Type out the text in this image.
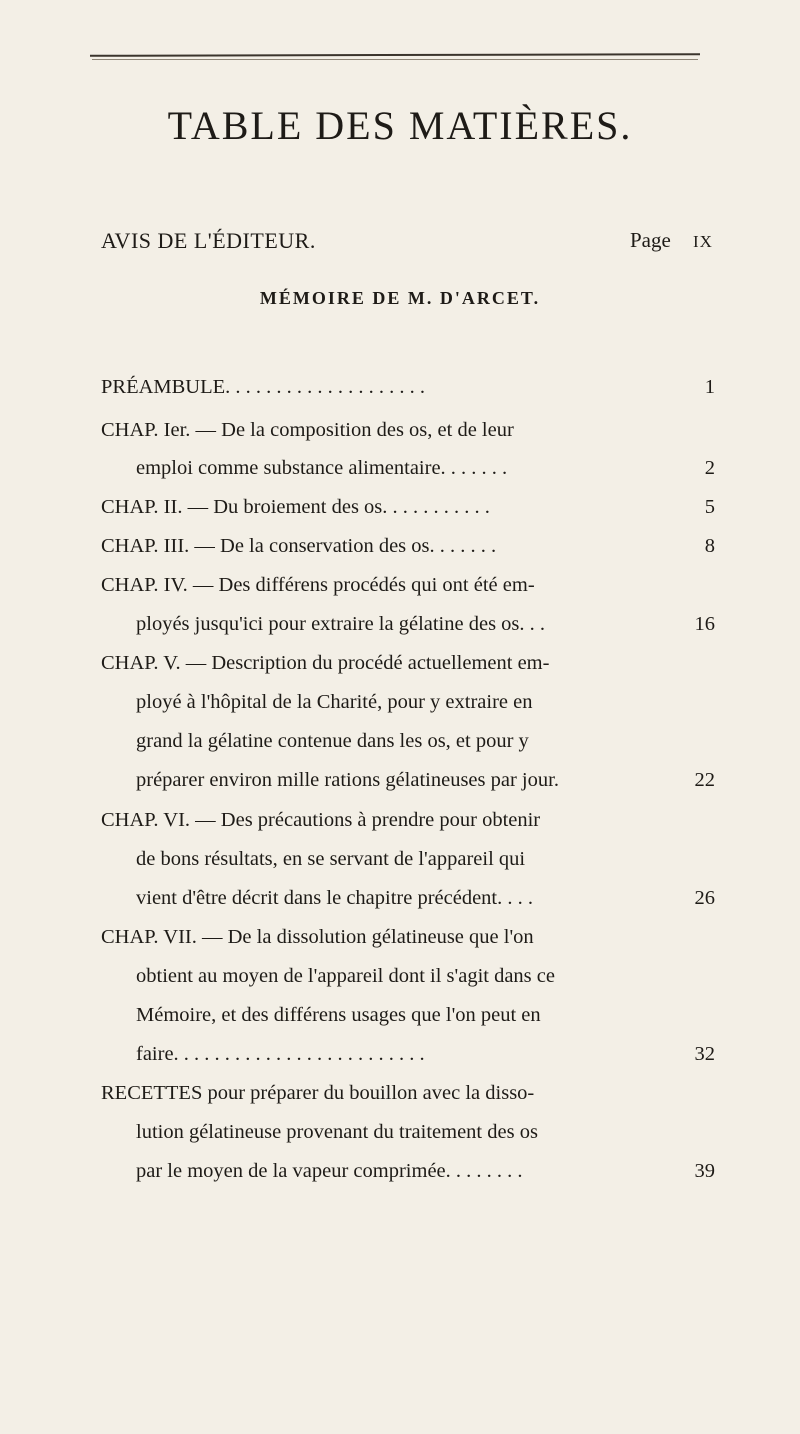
TABLE DES MATIÈRES.
AVIS DE L'ÉDITEUR.	Page IX
MÉMOIRE DE M. D'ARCET.
PRÉAMBULE. . . . . . . . . . . . . . . . . . . .	1
CHAP. Ier. — De la composition des os, et de leur
emploi comme substance alimentaire. . . . . . .	2
CHAP. II. — Du broiement des os. . . . . . . . . . .	5
CHAP. III. — De la conservation des os. . . . . . .	8
CHAP. IV. — Des différens procédés qui ont été em-
ployés jusqu'ici pour extraire la gélatine des os. . .	16
CHAP. V. — Description du procédé actuellement em-
ployé à l'hôpital de la Charité, pour y extraire en
grand la gélatine contenue dans les os, et pour y
préparer environ mille rations gélatineuses par jour.	22
CHAP. VI. — Des précautions à prendre pour obtenir
de bons résultats, en se servant de l'appareil qui
vient d'être décrit dans le chapitre précédent. . . .	26
CHAP. VII. — De la dissolution gélatineuse que l'on
obtient au moyen de l'appareil dont il s'agit dans ce
Mémoire, et des différens usages que l'on peut en
faire. . . . . . . . . . . . . . . . . . . . . . . . .	32
RECETTES pour préparer du bouillon avec la disso-
lution gélatineuse provenant du traitement des os
par le moyen de la vapeur comprimée. . . . . . . .	39
